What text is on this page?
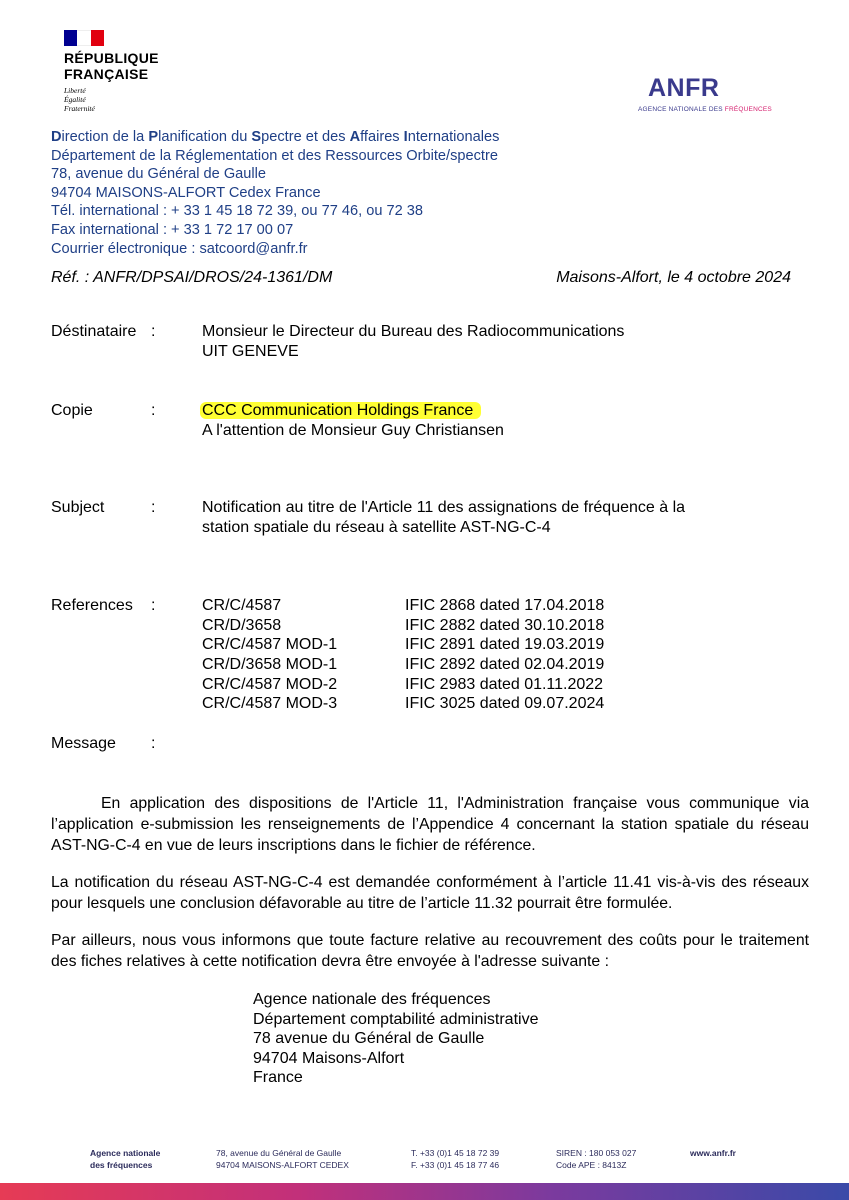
RÉPUBLIQUE
FRANÇAISE
Liberté
Égalité
Fraternité
ANFR
AGENCE NATIONALE DES FRÉQUENCES
Direction de la Planification du Spectre et des Affaires Internationales
Département de la Réglementation et des Ressources Orbite/spectre
78, avenue du Général de Gaulle
94704 MAISONS-ALFORT Cedex France
Tél. international : + 33 1 45 18 72 39, ou 77 46, ou 72 38
Fax international : + 33 1 72 17 00 07
Courrier électronique : satcoord@anfr.fr
Réf. : ANFR/DPSAI/DROS/24-1361/DM	Maisons-Alfort, le 4 octobre 2024
Déstinataire :	Monsieur le Directeur du Bureau des Radiocommunications
UIT GENEVE
Copie	:	CCC Communication Holdings France
A l'attention de Monsieur Guy Christiansen
Subject	:	Notification au titre de l'Article 11 des assignations de fréquence à la
station spatiale du réseau à satellite AST-NG-C-4
References :	CR/C/4587	IFIC 2868 dated 17.04.2018
CR/D/3658	IFIC 2882 dated 30.10.2018
CR/C/4587 MOD-1	IFIC 2891 dated 19.03.2019
CR/D/3658 MOD-1	IFIC 2892 dated 02.04.2019
CR/C/4587 MOD-2	IFIC 2983 dated 01.11.2022
CR/C/4587 MOD-3	IFIC 3025 dated 09.07.2024
Message :
En application des dispositions de l'Article 11, l'Administration française vous communique via l’application e-submission les renseignements de l’Appendice 4 concernant la station spatiale du réseau AST-NG-C-4 en vue de leurs inscriptions dans le fichier de référence.
La notification du réseau AST-NG-C-4 est demandée conformément à l’article 11.41 vis-à-vis des réseaux pour lesquels une conclusion défavorable au titre de l’article 11.32 pourrait être formulée.
Par ailleurs, nous vous informons que toute facture relative au recouvrement des coûts pour le traitement des fiches relatives à cette notification devra être envoyée à l'adresse suivante :
Agence nationale des fréquences
Département comptabilité administrative
78 avenue du Général de Gaulle
94704 Maisons-Alfort
France
Agence nationale
des fréquences
78, avenue du Général de Gaulle
94704 MAISONS-ALFORT CEDEX
T. +33 (0)1 45 18 72 39
F. +33 (0)1 45 18 77 46
SIREN : 180 053 027
Code APE : 8413Z
www.anfr.fr
